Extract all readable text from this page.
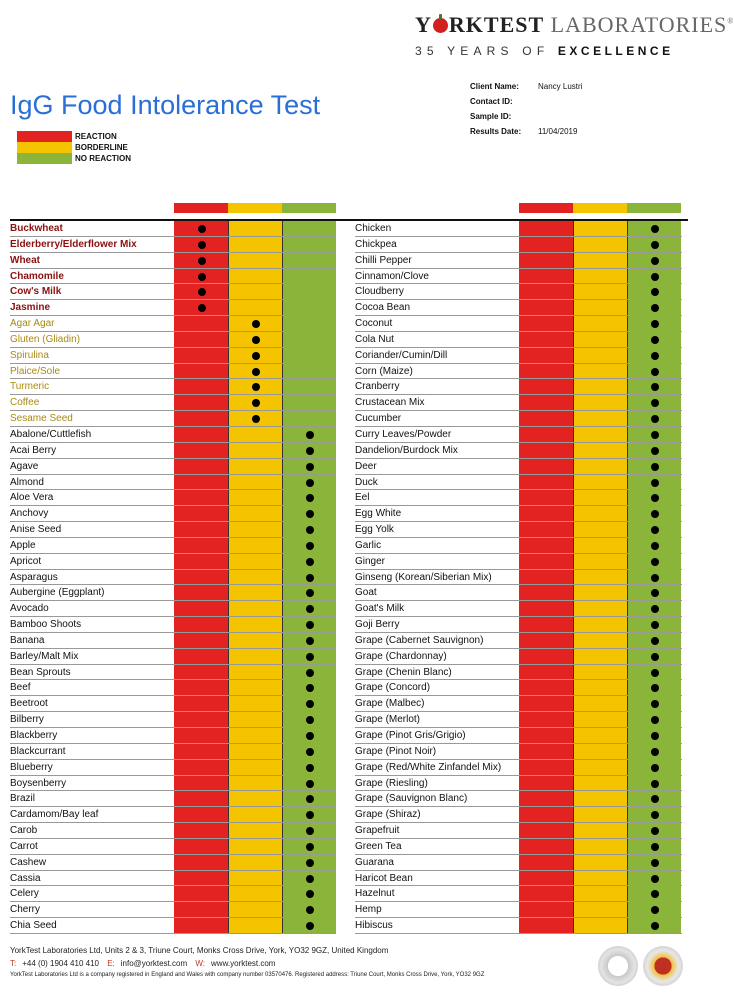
Y RKTEST LABORATORIES®
35 YEARS OF EXCELLENCE
IgG Food Intolerance Test
Client Name: Nancy Lustri
Contact ID:
Sample ID:
Results Date: 11/04/2019
REACTION
BORDERLINE
NO REACTION
Buckwheat
Elderberry/Elderflower Mix
Wheat
Chamomile
Cow's Milk
Jasmine
Agar Agar
Gluten (Gliadin)
Spirulina
Plaice/Sole
Turmeric
Coffee
Sesame Seed
Abalone/Cuttlefish
Acai Berry
Agave
Almond
Aloe Vera
Anchovy
Anise Seed
Apple
Apricot
Asparagus
Aubergine (Eggplant)
Avocado
Bamboo Shoots
Banana
Barley/Malt Mix
Bean Sprouts
Beef
Beetroot
Bilberry
Blackberry
Blackcurrant
Blueberry
Boysenberry
Brazil
Cardamom/Bay leaf
Carob
Carrot
Cashew
Cassia
Celery
Cherry
Chia Seed
Chicken
Chickpea
Chilli Pepper
Cinnamon/Clove
Cloudberry
Cocoa Bean
Coconut
Cola Nut
Coriander/Cumin/Dill
Corn (Maize)
Cranberry
Crustacean Mix
Cucumber
Curry Leaves/Powder
Dandelion/Burdock Mix
Deer
Duck
Eel
Egg White
Egg Yolk
Garlic
Ginger
Ginseng (Korean/Siberian Mix)
Goat
Goat's Milk
Goji Berry
Grape (Cabernet Sauvignon)
Grape (Chardonnay)
Grape (Chenin Blanc)
Grape (Concord)
Grape (Malbec)
Grape (Merlot)
Grape (Pinot Gris/Grigio)
Grape (Pinot Noir)
Grape (Red/White Zinfandel Mix)
Grape (Riesling)
Grape (Sauvignon Blanc)
Grape (Shiraz)
Grapefruit
Green Tea
Guarana
Haricot Bean
Hazelnut
Hemp
Hibiscus
YorkTest Laboratories Ltd, Units 2 & 3, Triune Court, Monks Cross Drive, York, YO32 9GZ, United Kingdom
T: +44 (0) 1904 410 410 E: info@yorktest.com W: www.yorktest.com
YorkTest Laboratories Ltd is a company registered in England and Wales with company number 03570476. Registered address: Triune Court, Monks Cross Drive, York, YO32 9GZ
